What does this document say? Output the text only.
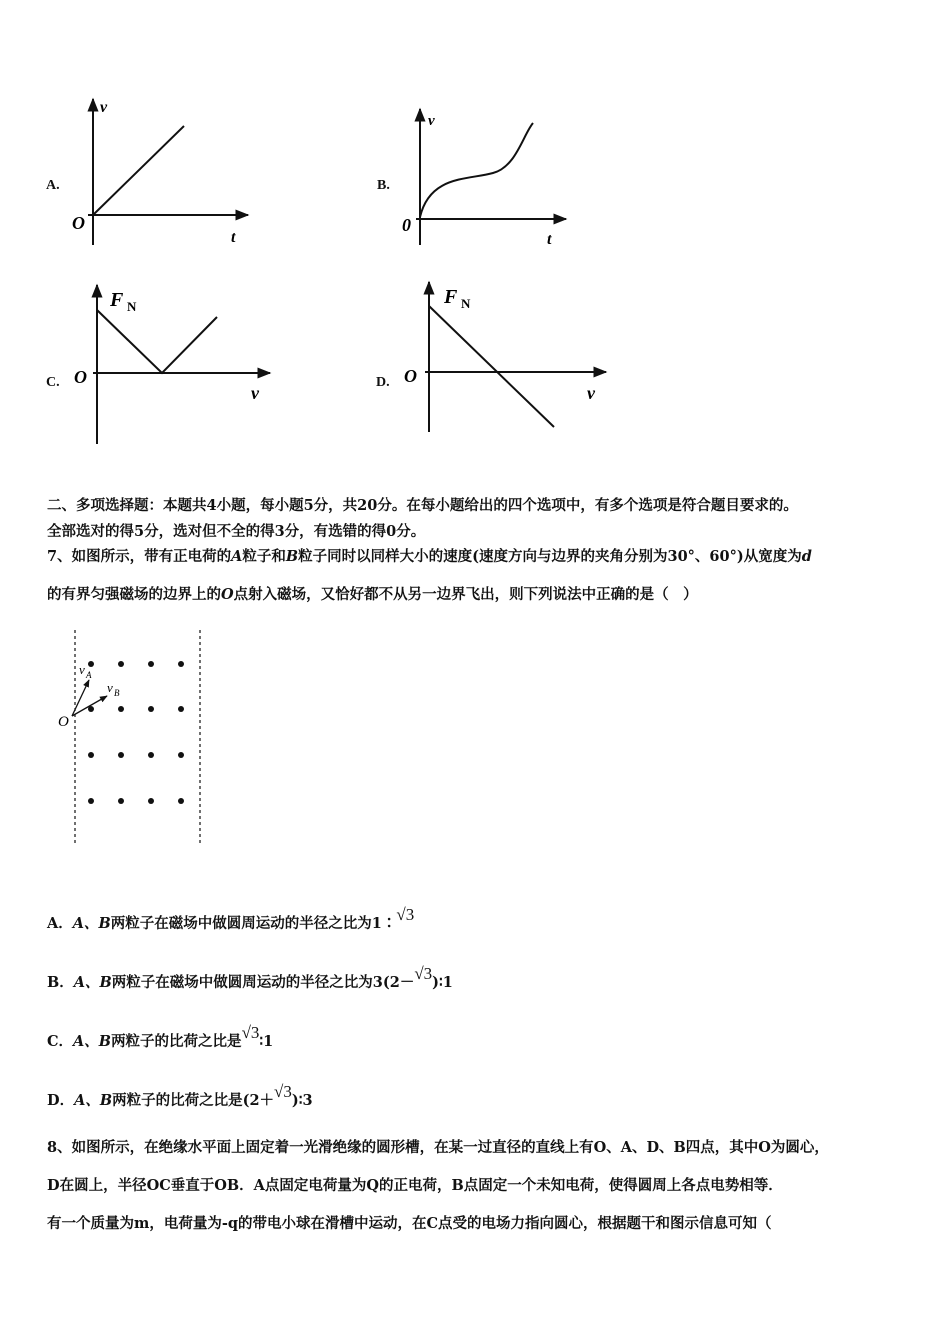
A.
v
t
O
B.
v
t
0
C.
F N
v
O	D.
F N
v
O
二、多项选择题：本题共4小题，每小题5分，共20分。在每小题给出的四个选项中，有多个选项是符合题目要求的。
全部选对的得5分，选对但不全的得3分，有选错的得0分。
7、如图所示，带有正电荷的A粒子和B粒子同时以同样大小的速度(速度方向与边界的夹角分别为30°、60°)从宽度为d
的有界匀强磁场的边界上的O点射入磁场，又恰好都不从另一边界飞出，则下列说法中正确的是（　）
v A
v B
O
A．A、B两粒子在磁场中做圆周运动的半径之比为1∶√3
B．A、B两粒子在磁场中做圆周运动的半径之比为3(2－√3)∶1
C．A、B两粒子的比荷之比是√3∶1
D．A、B两粒子的比荷之比是(2＋√3)∶3
8、如图所示，在绝缘水平面上固定着一光滑绝缘的圆形槽，在某一过直径的直线上有O、A、D、B四点，其中O为圆心，
D在圆上，半径OC垂直于OB．A点固定电荷量为Q的正电荷，B点固定一个未知电荷，使得圆周上各点电势相等．
有一个质量为m，电荷量为-q的带电小球在滑槽中运动，在C点受的电场力指向圆心，根据题干和图示信息可知（
